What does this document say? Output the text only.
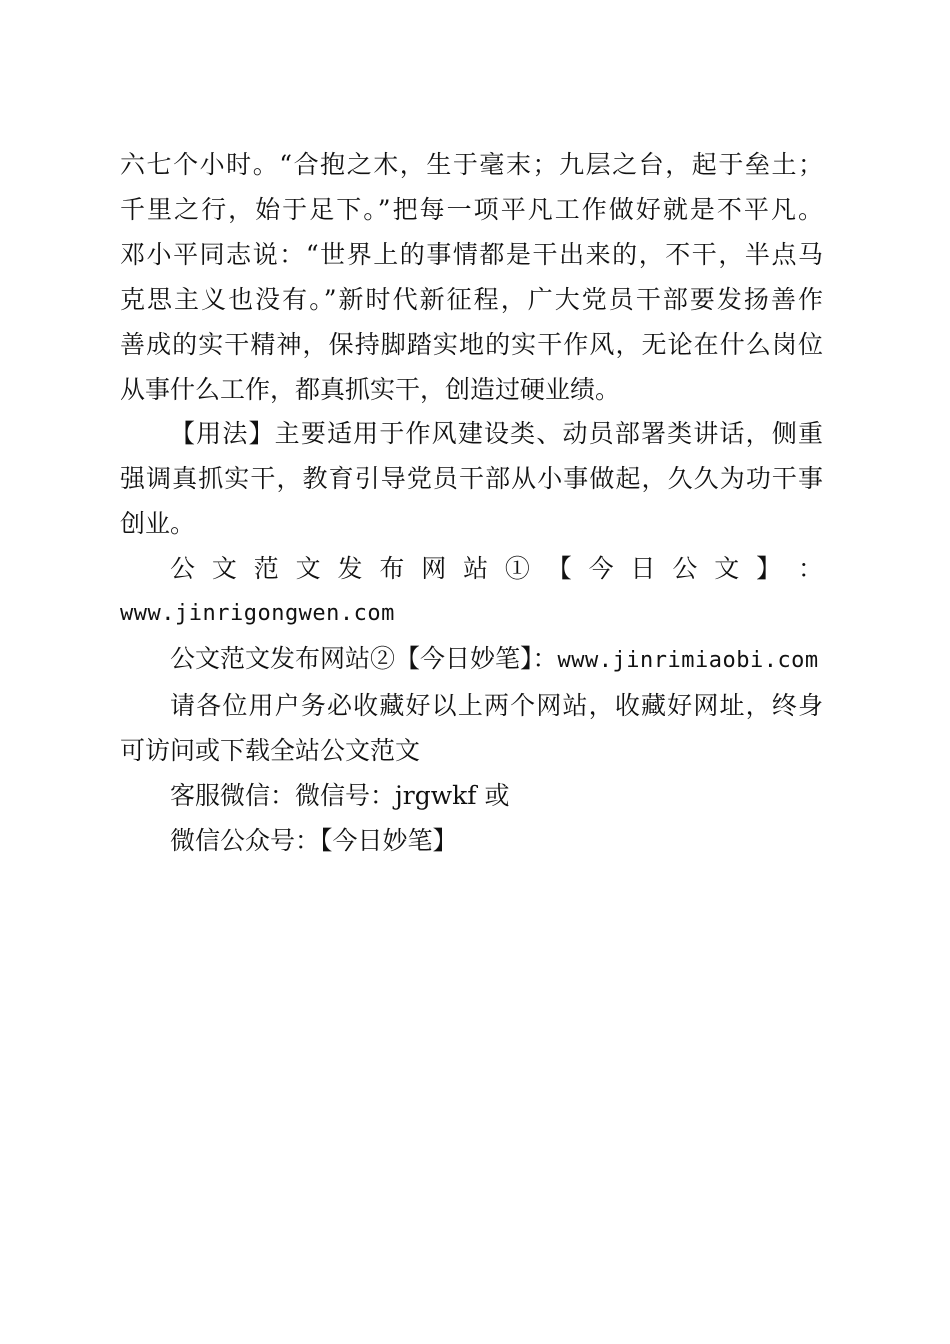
六七个小时。“合抱之木，生于毫末；九层之台，起于垒土；
千里之行，始于足下。”把每一项平凡工作做好就是不平凡。
邓小平同志说：“世界上的事情都是干出来的，不干，半点马
克思主义也没有。”新时代新征程，广大党员干部要发扬善作
善成的实干精神，保持脚踏实地的实干作风，无论在什么岗位
从事什么工作，都真抓实干，创造过硬业绩。
【用法】主要适用于作风建设类、动员部署类讲话，侧重
强调真抓实干，教育引导党员干部从小事做起，久久为功干事
创业。
公 文 范 文 发 布 网 站 ① 【 今 日 公 文 】 ：
www.jinrigongwen.com
公文范文发布网站②【今日妙笔】：www.jinrimiaobi.com
请各位用户务必收藏好以上两个网站，收藏好网址，终身
可访问或下载全站公文范文
客服微信：微信号：jrgwkf 或
微信公众号：【今日妙笔】
